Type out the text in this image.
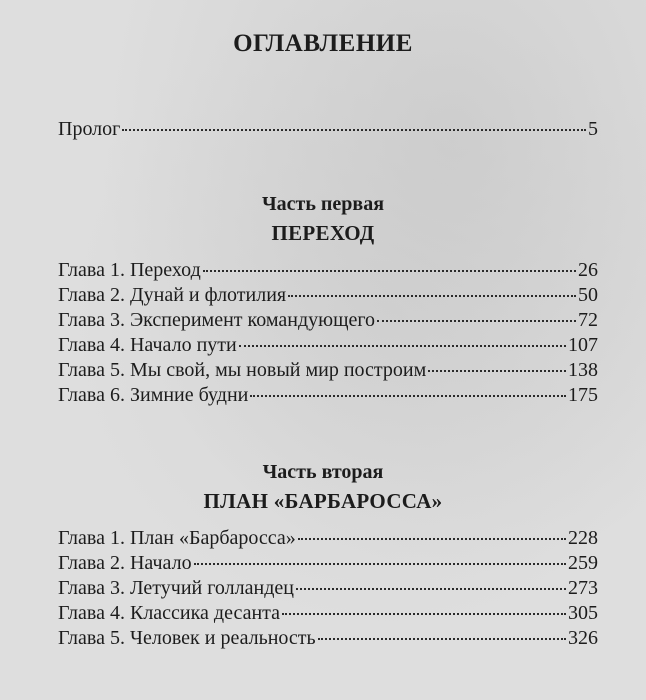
ОГЛАВЛЕНИЕ
Пролог	5
Часть первая
ПЕРЕХОД
Глава 1. Переход	26
Глава 2. Дунай и флотилия	50
Глава 3. Эксперимент командующего	72
Глава 4. Начало пути	107
Глава 5. Мы свой, мы новый мир построим	138
Глава 6. Зимние будни	175
Часть вторая
ПЛАН «БАРБАРОССА»
Глава 1. План «Барбаросса»	228
Глава 2. Начало	259
Глава 3. Летучий голландец	273
Глава 4. Классика десанта	305
Глава 5. Человек и реальность	326
